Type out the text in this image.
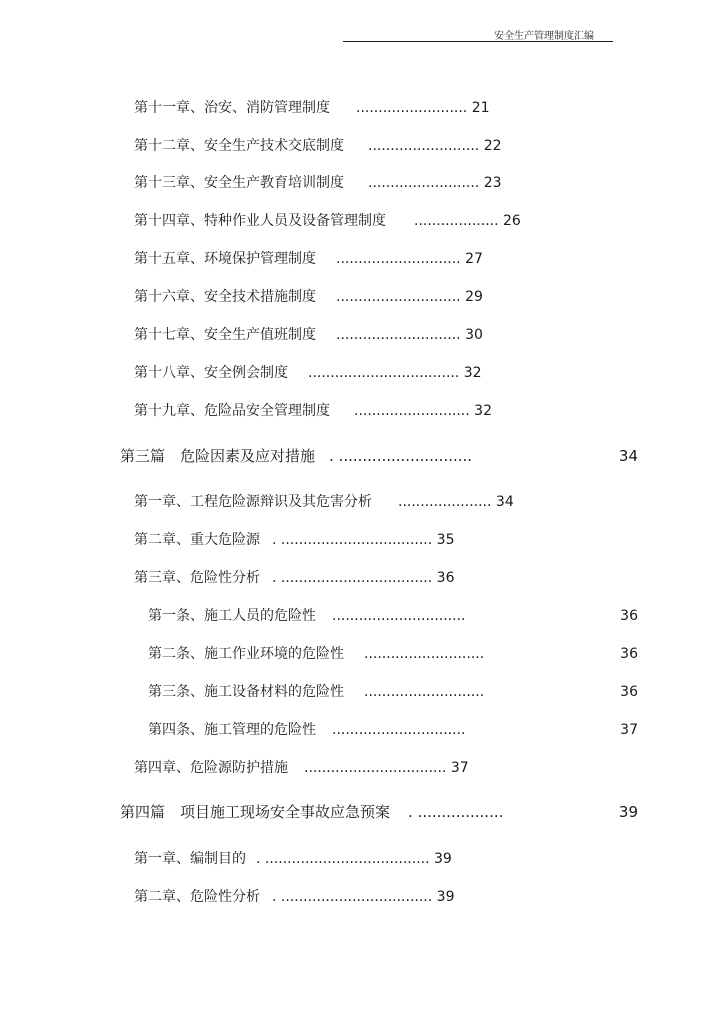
安全生产管理制度汇编
第十一章、治安、消防管理制度 ......................... 21
第十二章、安全生产技术交底制度 ......................... 22
第十三章、安全生产教育培训制度 ......................... 23
第十四章、特种作业人员及设备管理制度 ................... 26
第十五章、环境保护管理制度 ............................ 27
第十六章、安全技术措施制度 ............................ 29
第十七章、安全生产值班制度 ............................ 30
第十八章、安全例会制度 .................................. 32
第十九章、危险品安全管理制度 .......................... 32
第三篇　危险因素及应对措施 . ............................	34
第一章、工程危险源辩识及其危害分析 ..................... 34
第二章、重大危险源 . .................................. 35
第三章、危险性分析 . .................................. 36
第一条、施工人员的危险性 ..............................	36
第二条、施工作业环境的危险性 ...........................	36
第三条、施工设备材料的危险性 ...........................	36
第四条、施工管理的危险性 ..............................	37
第四章、危险源防护措施 ................................ 37
第四篇　项目施工现场安全事故应急预案 . ..................	39
第一章、编制目的 . ..................................... 39
第二章、危险性分析 . .................................. 39
